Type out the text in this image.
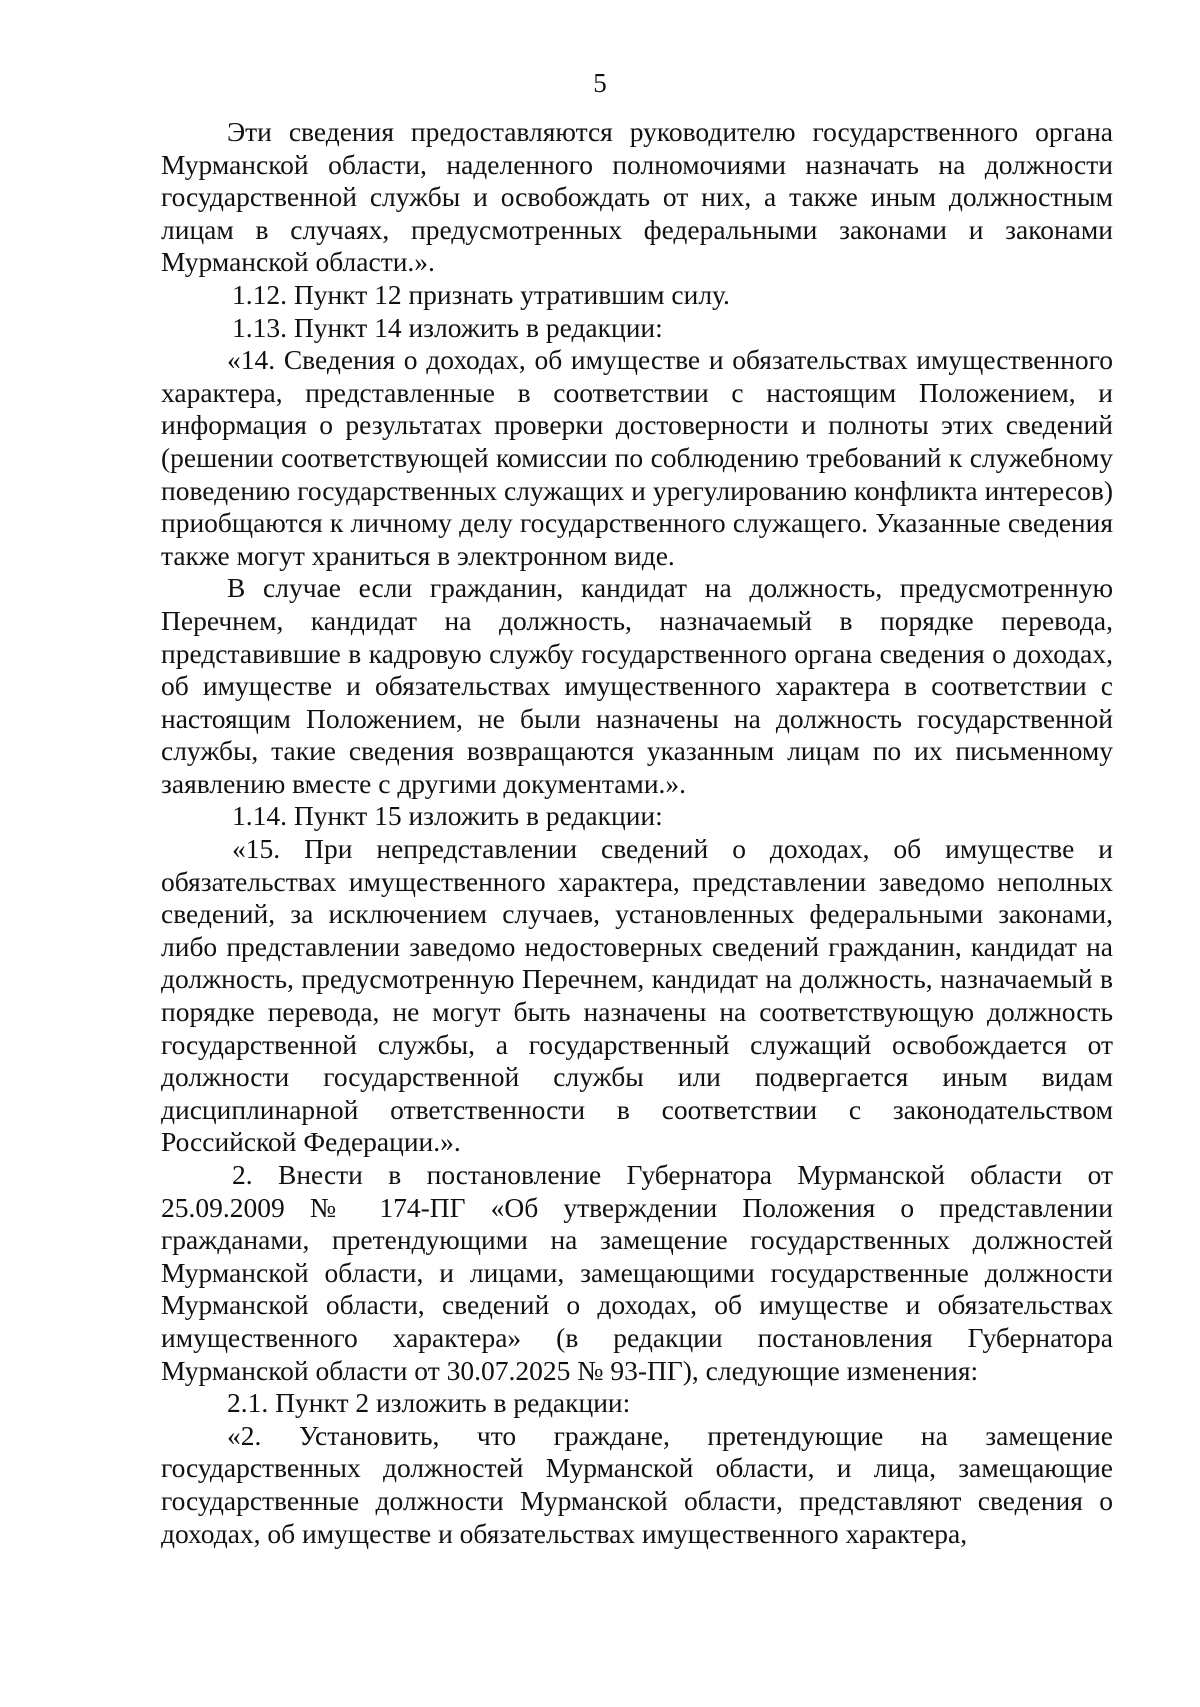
5

Эти сведения предоставляются руководителю государственного органа Мурманской области, наделенного полномочиями назначать на должности государственной службы и освобождать от них, а также иным должностным лицам в случаях, предусмотренных федеральными законами и законами Мурманской области.».

1.12. Пункт 12 признать утратившим силу.

1.13. Пункт 14 изложить в редакции:

«14. Сведения о доходах, об имуществе и обязательствах имущественного характера, представленные в соответствии с настоящим Положением, и информация о результатах проверки достоверности и полноты этих сведений (решении соответствующей комиссии по соблюдению требований к служебному поведению государственных служащих и урегулированию конфликта интересов) приобщаются к личному делу государственного служащего. Указанные сведения также могут храниться в электронном виде.

В случае если гражданин, кандидат на должность, предусмотренную Перечнем, кандидат на должность, назначаемый в порядке перевода, представившие в кадровую службу государственного органа сведения о доходах, об имуществе и обязательствах имущественного характера в соответствии с настоящим Положением, не были назначены на должность государственной службы, такие сведения возвращаются указанным лицам по их письменному заявлению вместе с другими документами.».

1.14. Пункт 15 изложить в редакции:

«15. При непредставлении сведений о доходах, об имуществе и обязательствах имущественного характера, представлении заведомо неполных сведений, за исключением случаев, установленных федеральными законами, либо представлении заведомо недостоверных сведений гражданин, кандидат на должность, предусмотренную Перечнем, кандидат на должность, назначаемый в порядке перевода, не могут быть назначены на соответствующую должность государственной службы, а государственный служащий освобождается от должности государственной службы или подвергается иным видам дисциплинарной ответственности в соответствии с законодательством Российской Федерации.».

2. Внести в постановление Губернатора Мурманской области от 25.09.2009 № 174-ПГ «Об утверждении Положения о представлении гражданами, претендующими на замещение государственных должностей Мурманской области, и лицами, замещающими государственные должности Мурманской области, сведений о доходах, об имуществе и обязательствах имущественного характера» (в редакции постановления Губернатора Мурманской области от 30.07.2025 № 93-ПГ), следующие изменения:

2.1. Пункт 2 изложить в редакции:

«2. Установить, что граждане, претендующие на замещение государственных должностей Мурманской области, и лица, замещающие государственные должности Мурманской области, представляют сведения о доходах, об имуществе и обязательствах имущественного характера,
